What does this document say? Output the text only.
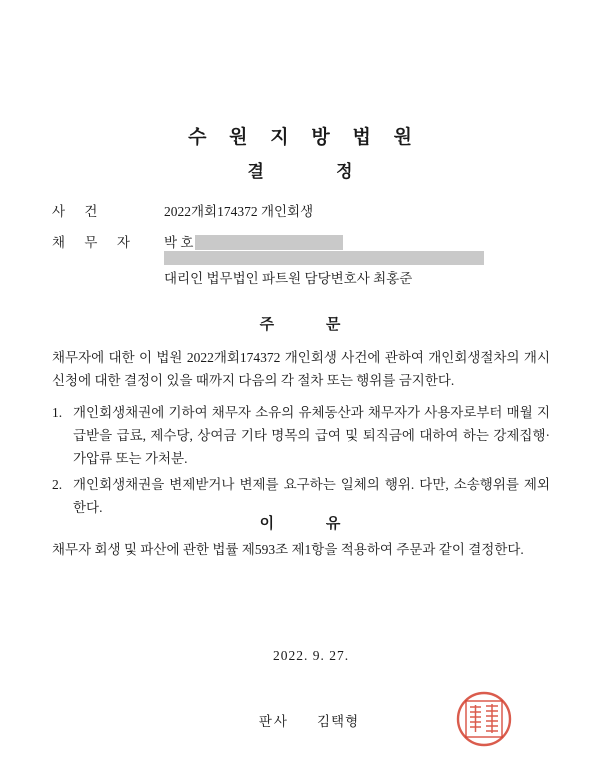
수 원 지 방 법 원
결 정
사 건	2022개회174372 개인회생
채 무 자 박 호
대리인 법무법인 파트원 담당변호사 최홍준
주 문
채무자에 대한 이 법원 2022개회174372 개인회생 사건에 관하여 개인회생절차의 개시신청에 대한 결정이 있을 때까지 다음의 각 절차 또는 행위를 금지한다.
1. 개인회생채권에 기하여 채무자 소유의 유체동산과 채무자가 사용자로부터 매월 지급받을 급료, 제수당, 상여금 기타 명목의 급여 및 퇴직금에 대하여 하는 강제집행·가압류 또는 가처분.
2. 개인회생채권을 변제받거나 변제를 요구하는 일체의 행위. 다만, 소송행위를 제외한다.
이 유
채무자 회생 및 파산에 관한 법률 제593조 제1항을 적용하여 주문과 같이 결정한다.
2022. 9. 27.
판사 김택형
